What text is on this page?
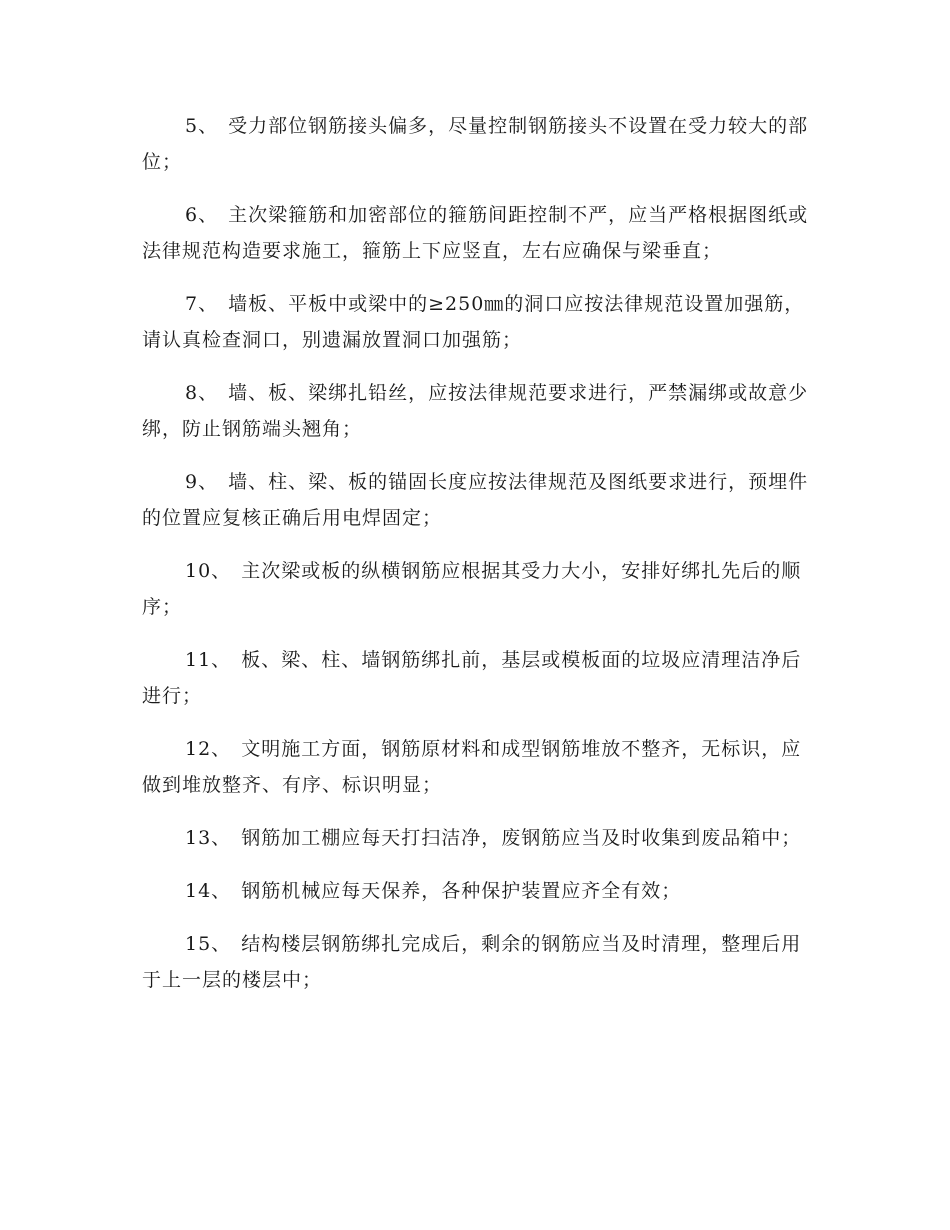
5、 受力部位钢筋接头偏多，尽量控制钢筋接头不设置在受力较大的部位；

6、 主次梁箍筋和加密部位的箍筋间距控制不严，应当严格根据图纸或法律规范构造要求施工，箍筋上下应竖直，左右应确保与梁垂直；

7、 墙板、平板中或梁中的≥250㎜的洞口应按法律规范设置加强筋，请认真检查洞口，别遗漏放置洞口加强筋；

8、 墙、板、梁绑扎铅丝，应按法律规范要求进行，严禁漏绑或故意少绑，防止钢筋端头翘角；

9、 墙、柱、梁、板的锚固长度应按法律规范及图纸要求进行，预埋件的位置应复核正确后用电焊固定；

10、 主次梁或板的纵横钢筋应根据其受力大小，安排好绑扎先后的顺序；

11、 板、梁、柱、墙钢筋绑扎前，基层或模板面的垃圾应清理洁净后进行；

12、 文明施工方面，钢筋原材料和成型钢筋堆放不整齐，无标识，应做到堆放整齐、有序、标识明显；

13、 钢筋加工棚应每天打扫洁净，废钢筋应当及时收集到废品箱中；

14、 钢筋机械应每天保养，各种保护装置应齐全有效；

15、 结构楼层钢筋绑扎完成后，剩余的钢筋应当及时清理，整理后用于上一层的楼层中；
